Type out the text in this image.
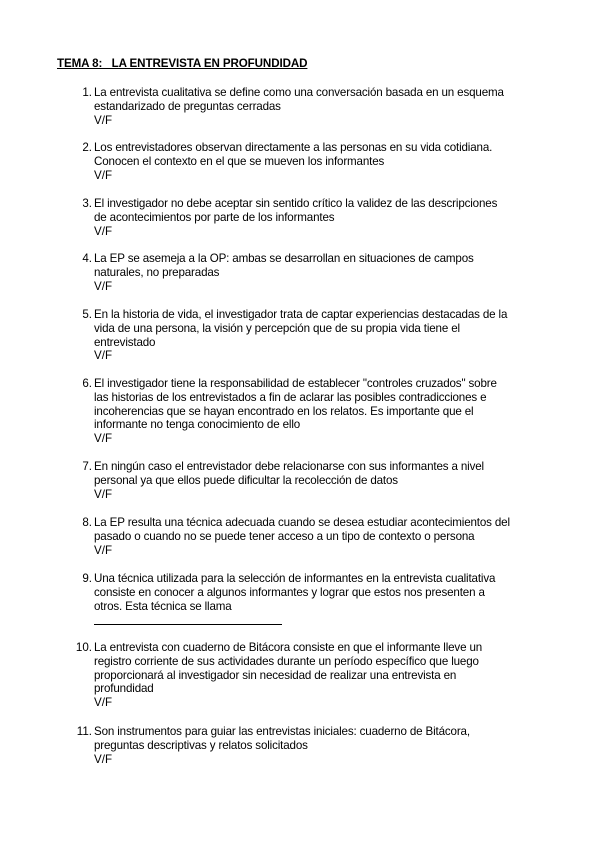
TEMA 8:   LA ENTREVISTA EN PROFUNDIDAD
1. La entrevista cualitativa se define como una conversación basada en un esquema
estandarizado de preguntas cerradas
V/F
2. Los entrevistadores observan directamente a las personas en su vida cotidiana.
Conocen el contexto en el que se mueven los informantes
V/F
3. El investigador no debe aceptar sin sentido crítico la validez de las descripciones
de acontecimientos por parte de los informantes
V/F
4. La EP se asemeja a la OP: ambas se desarrollan en situaciones de campos
naturales, no preparadas
V/F
5. En la historia de vida, el investigador trata de captar experiencias destacadas de la
vida de una persona, la visión y percepción que de su propia vida tiene el
entrevistado
V/F
6. El investigador tiene la responsabilidad de establecer "controles cruzados" sobre
las historias de los entrevistados a fin de aclarar las posibles contradicciones e
incoherencias que se hayan encontrado en los relatos. Es importante que el
informante no tenga conocimiento de ello
V/F
7. En ningún caso el entrevistador debe relacionarse con sus informantes a nivel
personal ya que ellos puede dificultar la recolección de datos
V/F
8. La EP resulta una técnica adecuada cuando se desea estudiar acontecimientos del
pasado o cuando no se puede tener acceso a un tipo de contexto o persona
V/F
9. Una técnica utilizada para la selección de informantes en la entrevista cualitativa
consiste en conocer a algunos informantes y lograr que estos nos presenten a
otros. Esta técnica se llama
10. La entrevista con cuaderno de Bitácora consiste en que el informante lleve un
registro corriente de sus actividades durante un período específico que luego
proporcionará al investigador sin necesidad de realizar una entrevista en
profundidad
V/F
11. Son instrumentos para guiar las entrevistas iniciales: cuaderno de Bitácora,
preguntas descriptivas y relatos solicitados
V/F
